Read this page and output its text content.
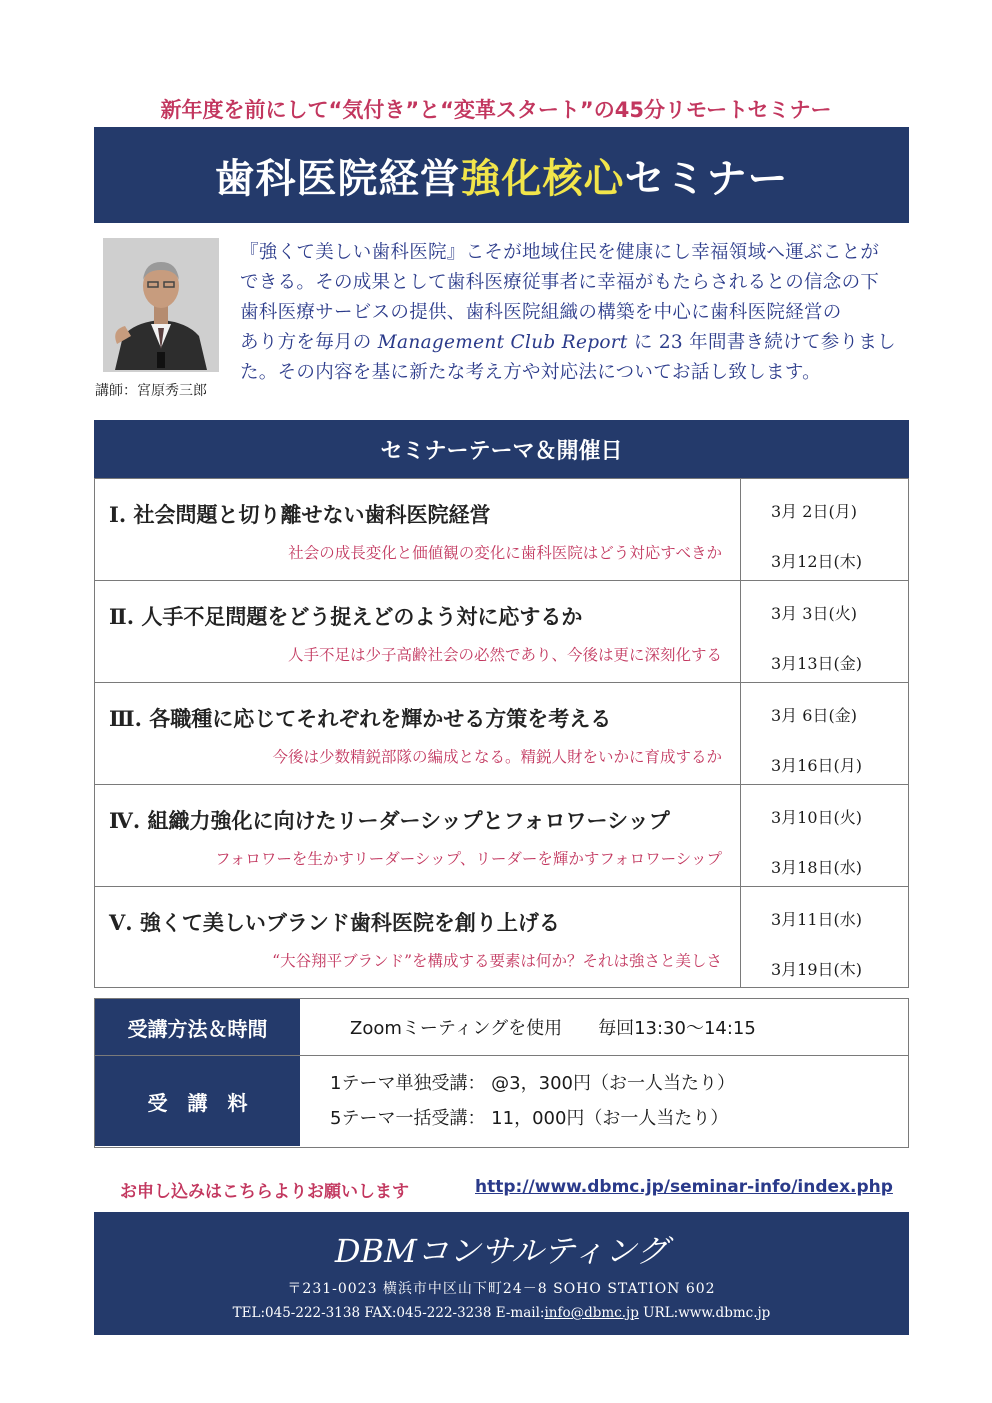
新年度を前にして“気付き”と“変革スタート”の45分リモートセミナー
歯科医院経営 強化核心 セミナー
講師：宮原秀三郎
『強くて美しい歯科医院』こそが地域住民を健康にし幸福領域へ運ぶことが
できる。その成果として歯科医療従事者に幸福がもたらされるとの信念の下
歯科医療サービスの提供、歯科医院組織の構築を中心に歯科医院経営の
あり方を毎月の Management Club Report に 23 年間書き続けて参りまし
た。その内容を基に新たな考え方や対応法についてお話し致します。
セミナーテーマ＆開催日
Ⅰ. 社会問題と切り離せない歯科医院経営
社会の成長変化と価値観の変化に歯科医院はどう対応すべきか
3月 2日(月)
3月12日(木)
Ⅱ. 人手不足問題をどう捉えどのよう対に応するか
人手不足は少子高齢社会の必然であり、今後は更に深刻化する
3月 3日(火)
3月13日(金)
Ⅲ. 各職種に応じてそれぞれを輝かせる方策を考える
今後は少数精鋭部隊の編成となる。精鋭人財をいかに育成するか
3月 6日(金)
3月16日(月)
Ⅳ. 組織力強化に向けたリーダーシップとフォロワーシップ
フォロワーを生かすリーダーシップ、リーダーを輝かすフォロワーシップ
3月10日(火)
3月18日(水)
Ⅴ. 強くて美しいブランド歯科医院を創り上げる
“大谷翔平ブランド”を構成する要素は何か？それは強さと美しさ
3月11日(水)
3月19日(木)
受講方法＆時間	Zoomミーティングを使用　　毎回13:30～14:15
受　講　料
1テーマ単独受講： @3，300円（お一人当たり）
5テーマ一括受講： 11，000円（お一人当たり）
お申し込みはこちらよりお願いします	http://www.dbmc.jp/seminar-info/index.php
DBMコンサルティング
〒231-0023 横浜市中区山下町24－8 SOHO STATION 602
TEL:045-222-3138 FAX:045-222-3238 E-mail:info@dbmc.jp URL:www.dbmc.jp
